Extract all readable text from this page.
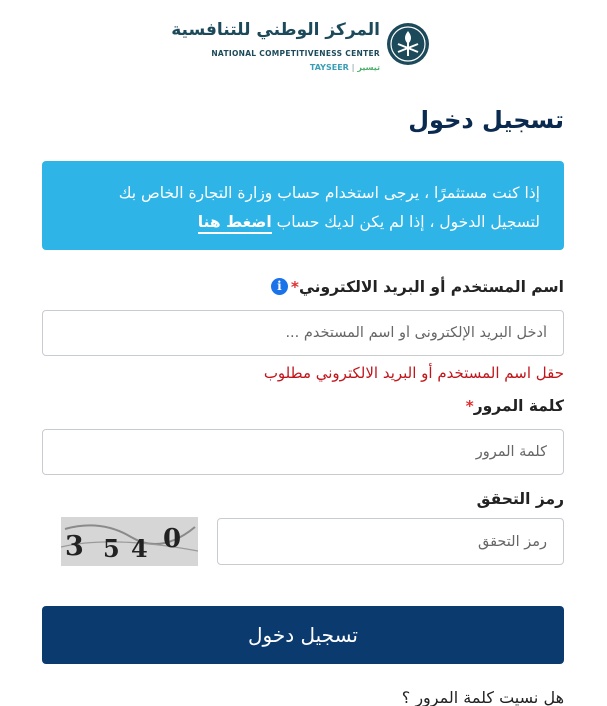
المركز الوطني للتنافسية
NATIONAL COMPETITIVENESS CENTER
TAYSEER | تيسير
تسجيل دخول
إذا كنت مستثمرًا ، يرجى استخدام حساب وزارة التجارة الخاص بك لتسجيل الدخول ، إذا لم يكن لديك حساب اضغط هنا
اسم المستخدم أو البريد الالكتروني*i
أدخل البريد الإلكترونى أو اسم المستخدم ...
حقل اسم المستخدم أو البريد الالكتروني مطلوب
كلمة المرور*
رمز التحقق
رمز التحقق
3 5 4 0
تسجيل دخول
هل نسيت كلمة المرور ؟
